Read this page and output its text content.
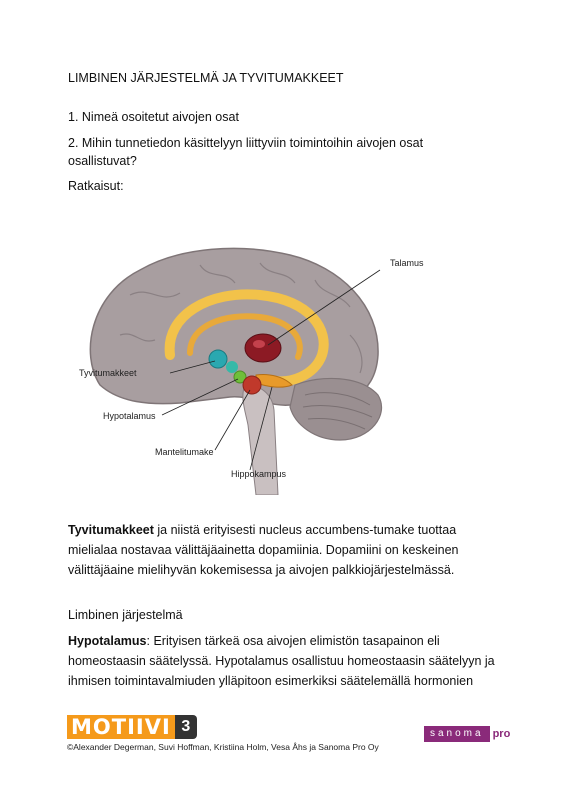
LIMBINEN JÄRJESTELMÄ JA TYVITUMAKKEET
1. Nimeä osoitetut aivojen osat
2. Mihin tunnetiedon käsittelyyn liittyviin toimintoihin aivojen osat
osallistuvat?
Ratkaisut:
Talamus
Tyvitumakkeet
Hypotalamus
Mantelitumake
Hippokampus
Tyvitumakkeet ja niistä erityisesti nucleus accumbens-tumake tuottaa
mielialaa nostavaa välittäjäainetta dopamiinia. Dopamiini on keskeinen
välittäjäaine mielihyvän kokemisessa ja aivojen palkkiojärjestelmässä.
Limbinen järjestelmä
Hypotalamus: Erityisen tärkeä osa aivojen elimistön tasapainon eli
homeostaasin säätelyssä. Hypotalamus osallistuu homeostaasin säätelyyn ja
ihmisen toimintavalmiuden ylläpitoon esimerkiksi säätelemällä hormonien
MOTIIVI 3	sanoma pro
©Alexander Degerman, Suvi Hoffman, Kristiina Holm, Vesa Åhs ja Sanoma Pro Oy
